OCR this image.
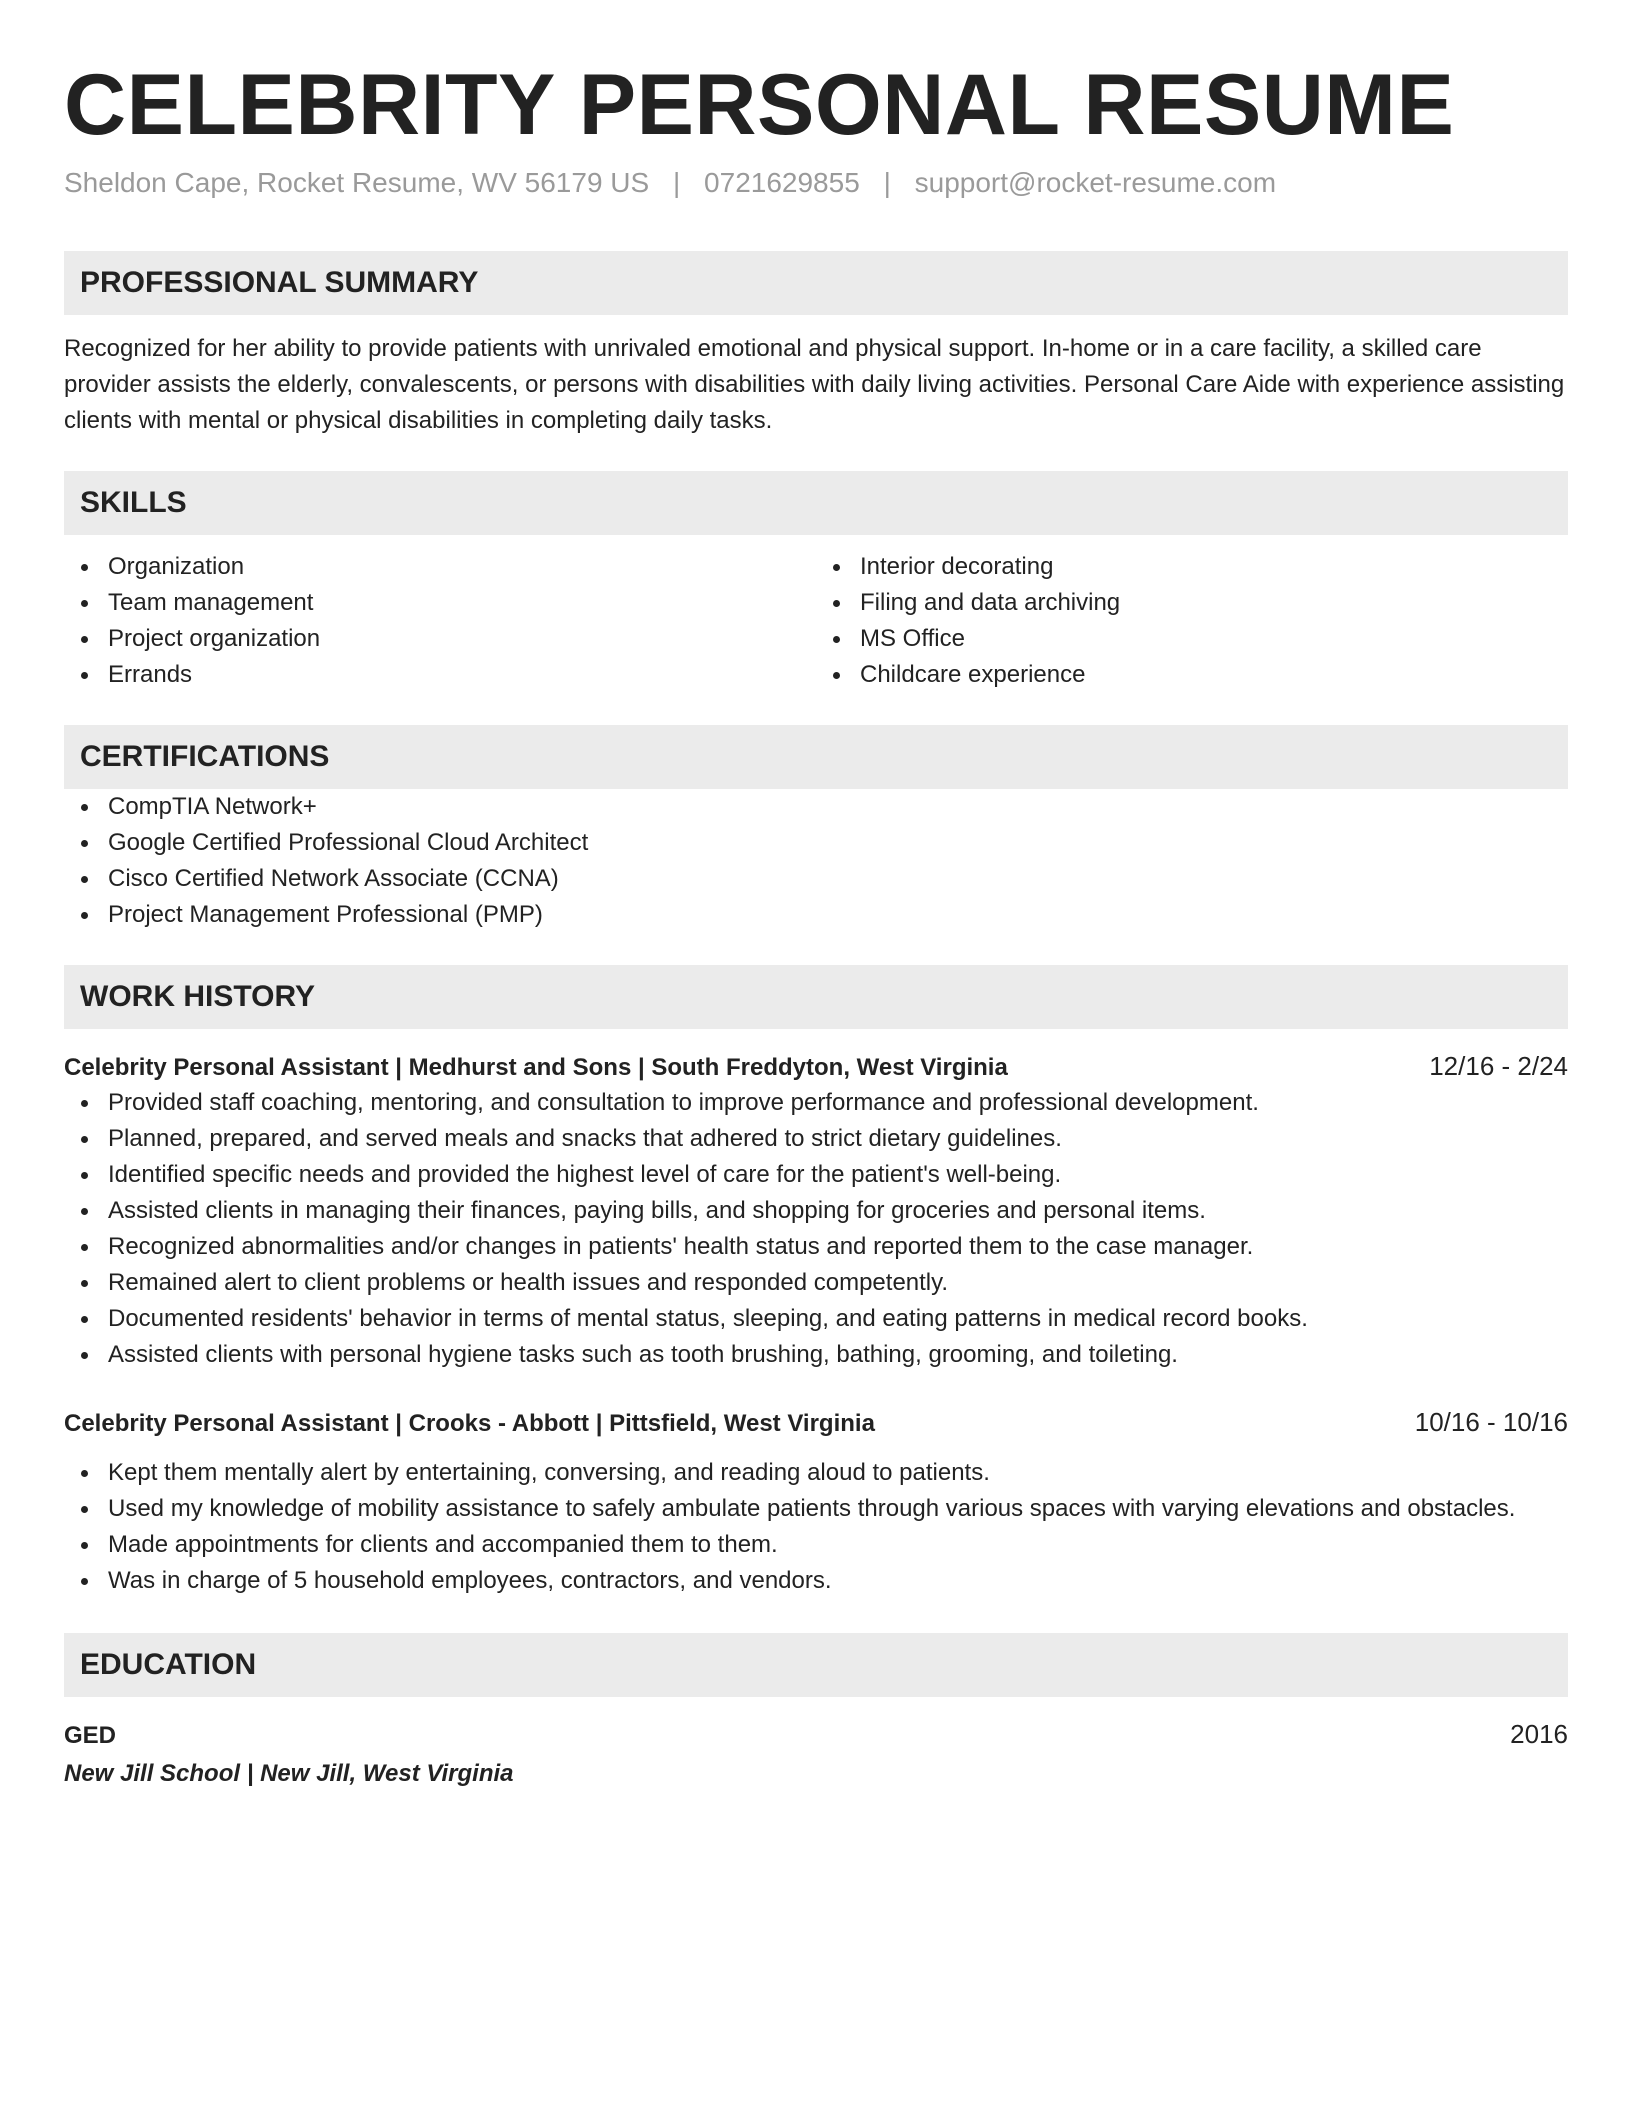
CELEBRITY PERSONAL RESUME
Sheldon Cape, Rocket Resume, WV 56179 US | 0721629855 | support@rocket-resume.com
PROFESSIONAL SUMMARY
Recognized for her ability to provide patients with unrivaled emotional and physical support. In-home or in a care facility, a skilled care provider assists the elderly, convalescents, or persons with disabilities with daily living activities. Personal Care Aide with experience assisting clients with mental or physical disabilities in completing daily tasks.
SKILLS
Organization
Team management
Project organization
Errands
Interior decorating
Filing and data archiving
MS Office
Childcare experience
CERTIFICATIONS
CompTIA Network+
Google Certified Professional Cloud Architect
Cisco Certified Network Associate (CCNA)
Project Management Professional (PMP)
WORK HISTORY
Celebrity Personal Assistant | Medhurst and Sons | South Freddyton, West Virginia	12/16 - 2/24
Provided staff coaching, mentoring, and consultation to improve performance and professional development.
Planned, prepared, and served meals and snacks that adhered to strict dietary guidelines.
Identified specific needs and provided the highest level of care for the patient's well-being.
Assisted clients in managing their finances, paying bills, and shopping for groceries and personal items.
Recognized abnormalities and/or changes in patients' health status and reported them to the case manager.
Remained alert to client problems or health issues and responded competently.
Documented residents' behavior in terms of mental status, sleeping, and eating patterns in medical record books.
Assisted clients with personal hygiene tasks such as tooth brushing, bathing, grooming, and toileting.
Celebrity Personal Assistant | Crooks - Abbott | Pittsfield, West Virginia	10/16 - 10/16
Kept them mentally alert by entertaining, conversing, and reading aloud to patients.
Used my knowledge of mobility assistance to safely ambulate patients through various spaces with varying elevations and obstacles.
Made appointments for clients and accompanied them to them.
Was in charge of 5 household employees, contractors, and vendors.
EDUCATION
GED	2016
New Jill School | New Jill, West Virginia
